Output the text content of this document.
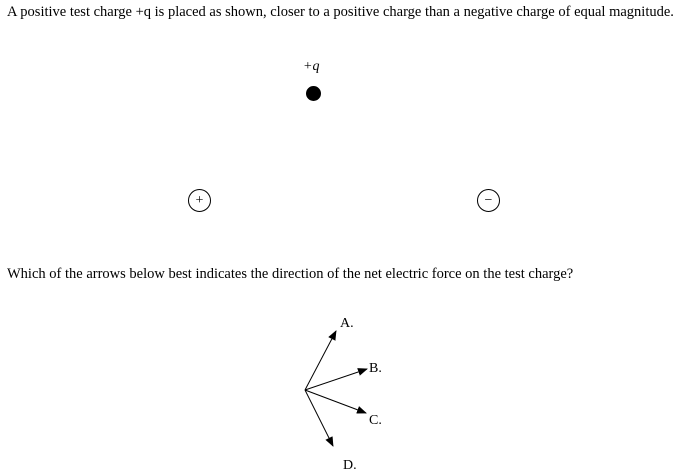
A positive test charge +q is placed as shown, closer to a positive charge than a negative charge of equal magnitude.
+q
+	−
Which of the arrows below best indicates the direction of the net electric force on the test charge?
A.
B.
C.
D.
